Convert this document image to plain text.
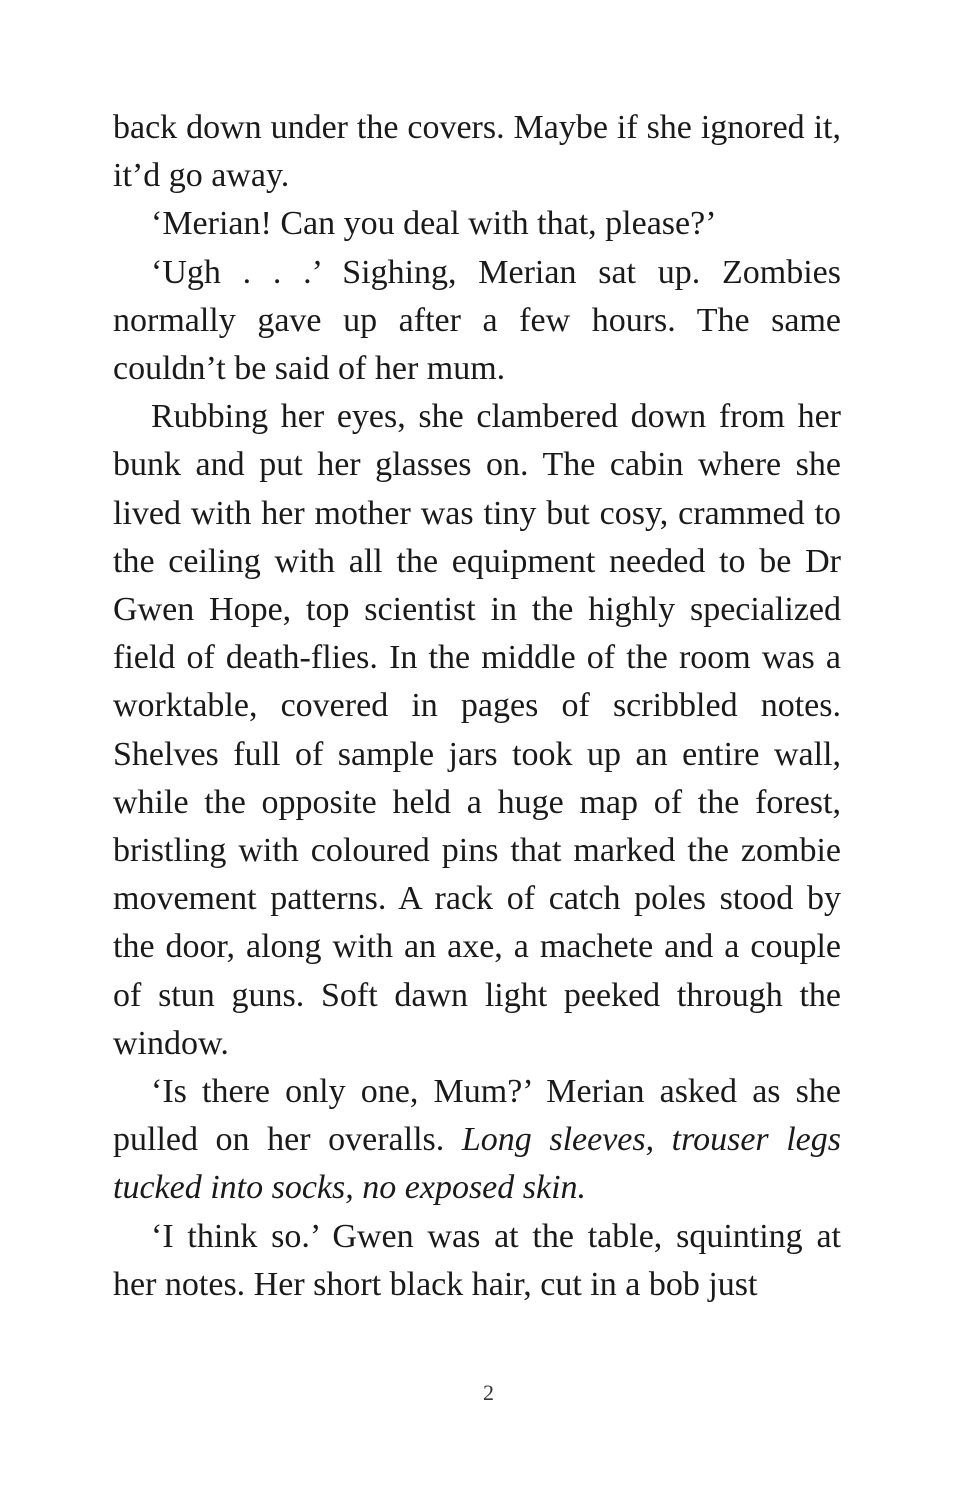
back down under the covers. Maybe if she ignored it, it’d go away.

‘Merian! Can you deal with that, please?’

‘Ugh . . .’ Sighing, Merian sat up. Zombies normally gave up after a few hours. The same couldn’t be said of her mum.

Rubbing her eyes, she clambered down from her bunk and put her glasses on. The cabin where she lived with her mother was tiny but cosy, crammed to the ceiling with all the equipment needed to be Dr Gwen Hope, top scientist in the highly specialized field of death-flies. In the middle of the room was a worktable, covered in pages of scribbled notes. Shelves full of sample jars took up an entire wall, while the opposite held a huge map of the forest, bristling with coloured pins that marked the zombie movement patterns. A rack of catch poles stood by the door, along with an axe, a machete and a couple of stun guns. Soft dawn light peeked through the window.

‘Is there only one, Mum?’ Merian asked as she pulled on her overalls. Long sleeves, trouser legs tucked into socks, no exposed skin.

‘I think so.’ Gwen was at the table, squinting at her notes. Her short black hair, cut in a bob just

2
